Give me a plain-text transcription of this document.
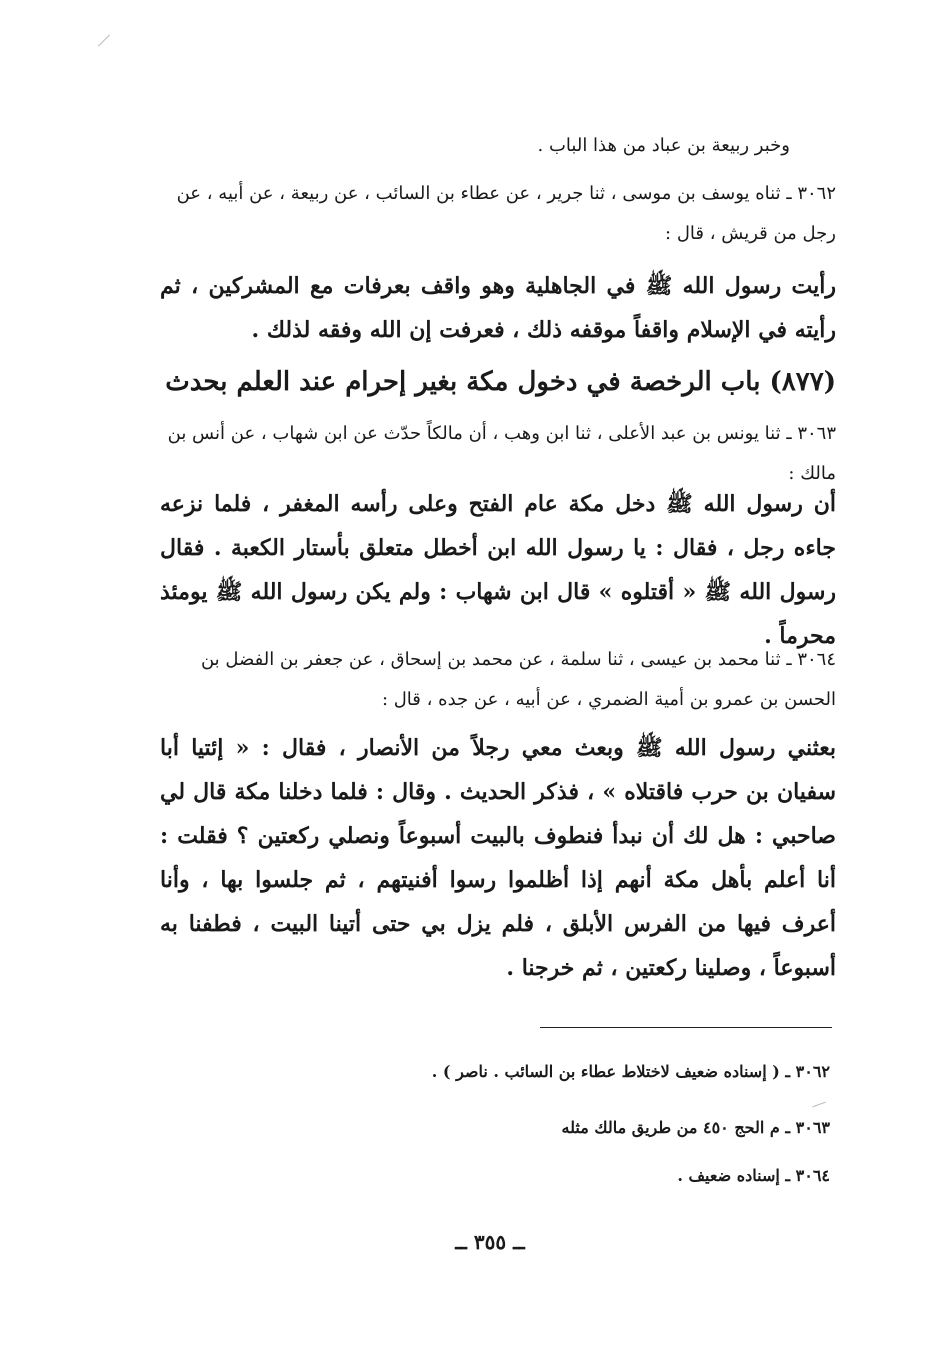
وخبر ربيعة بن عباد من هذا الباب .
٣٠٦٢ ـ ثناه يوسف بن موسى ، ثنا جرير ، عن عطاء بن السائب ، عن ربيعة ، عن أبيه ، عن رجل من قريش ، قال :
رأيت رسول الله ﷺ في الجاهلية وهو واقف بعرفات مع المشركين ، ثم رأيته في الإسلام واقفاً موقفه ذلك ، فعرفت إن الله وفقه لذلك .
(٨٧٧) باب الرخصة في دخول مكة بغير إحرام عند العلم بحدث
٣٠٦٣ ـ ثنا يونس بن عبد الأعلى ، ثنا ابن وهب ، أن مالكاً حدّث عن ابن شهاب ، عن أنس بن مالك :
أن رسول الله ﷺ دخل مكة عام الفتح وعلى رأسه المغفر ، فلما نزعه جاءه رجل ، فقال : يا رسول الله ابن أخطل متعلق بأستار الكعبة . فقال رسول الله ﷺ « أقتلوه » قال ابن شهاب : ولم يكن رسول الله ﷺ يومئذ محرماً .
٣٠٦٤ ـ ثنا محمد بن عيسى ، ثنا سلمة ، عن محمد بن إسحاق ، عن جعفر بن الفضل بن الحسن بن عمرو بن أمية الضمري ، عن أبيه ، عن جده ، قال :
بعثني رسول الله ﷺ وبعث معي رجلاً من الأنصار ، فقال : « إئتيا أبا سفيان بن حرب فاقتلاه » ، فذكر الحديث . وقال : فلما دخلنا مكة قال لي صاحبي : هل لك أن نبدأ فنطوف بالبيت أسبوعاً ونصلي ركعتين ؟ فقلت : أنا أعلم بأهل مكة أنهم إذا أظلموا رسوا أفنيتهم ، ثم جلسوا بها ، وأنا أعرف فيها من الفرس الأبلق ، فلم يزل بي حتى أتينا البيت ، فطفنا به أسبوعاً ، وصلينا ركعتين ، ثم خرجنا .
٣٠٦٢ ـ ( إسناده ضعيف لاختلاط عطاء بن السائب . ناصر ) .
٣٠٦٣ ـ م الحج ٤٥٠ من طريق مالك مثله
٣٠٦٤ ـ إسناده ضعيف .
ــ ٣٥٥ ــ
